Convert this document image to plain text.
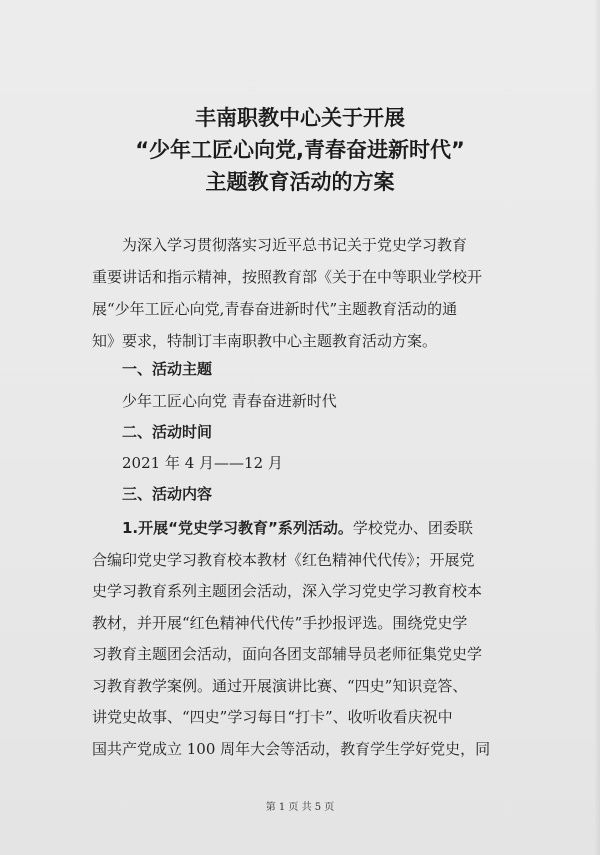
丰南职教中心关于开展
“少年工匠心向党,青春奋进新时代”
主题教育活动的方案
为深入学习贯彻落实习近平总书记关于党史学习教育
重要讲话和指示精神，按照教育部《关于在中等职业学校开
展“少年工匠心向党,青春奋进新时代”主题教育活动的通
知》要求，特制订丰南职教中心主题教育活动方案。
一、活动主题
少年工匠心向党 青春奋进新时代
二、活动时间
2021 年 4 月——12 月
三、活动内容
1.开展“党史学习教育”系列活动。学校党办、团委联
合编印党史学习教育校本教材《红色精神代代传》；开展党
史学习教育系列主题团会活动，深入学习党史学习教育校本
教材，并开展“红色精神代代传”手抄报评选。围绕党史学
习教育主题团会活动，面向各团支部辅导员老师征集党史学
习教育教学案例。通过开展演讲比赛、“四史”知识竞答、
讲党史故事、“四史”学习每日“打卡”、收听收看庆祝中
国共产党成立 100 周年大会等活动，教育学生学好党史，同
第 1 页 共 5 页
